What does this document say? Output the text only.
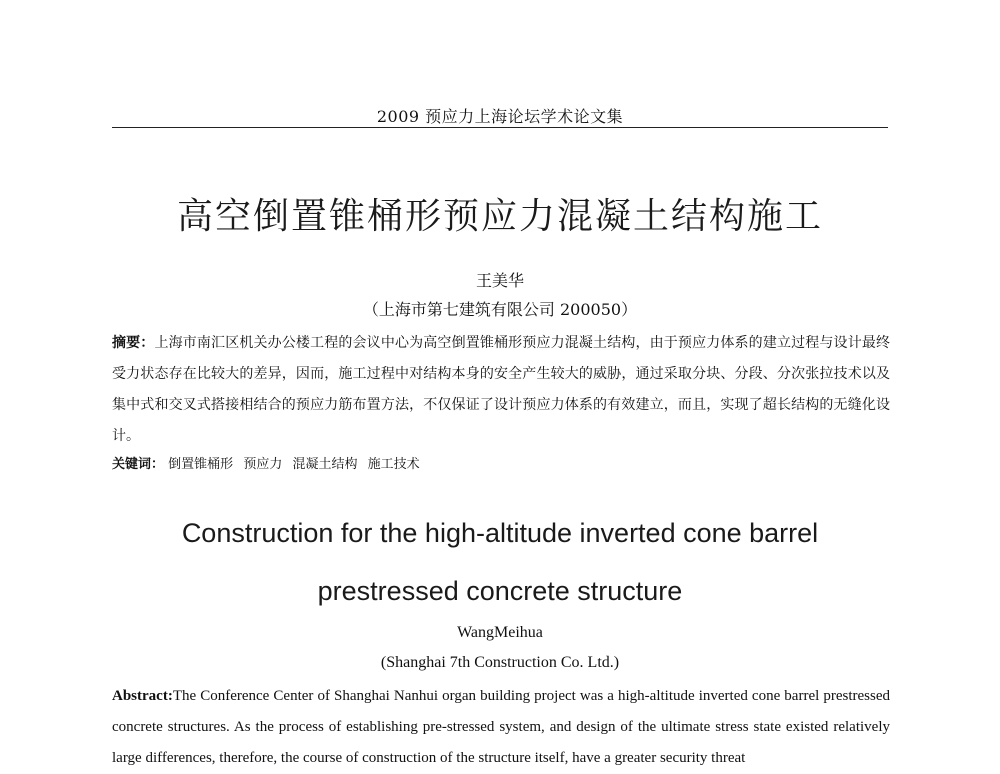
2009 预应力上海论坛学术论文集
高空倒置锥桶形预应力混凝土结构施工
王美华
（上海市第七建筑有限公司 200050）
摘要：上海市南汇区机关办公楼工程的会议中心为高空倒置锥桶形预应力混凝土结构，由于预应力体系的建立过程与设计最终受力状态存在比较大的差异，因而，施工过程中对结构本身的安全产生较大的威胁，通过采取分块、分段、分次张拉技术以及集中式和交叉式搭接相结合的预应力筋布置方法，不仅保证了设计预应力体系的有效建立，而且，实现了超长结构的无缝化设计。
关键词： 倒置锥桶形 预应力 混凝土结构 施工技术
Construction for the high-altitude inverted cone barrel
prestressed concrete structure
WangMeihua
(Shanghai 7th Construction Co. Ltd.)
Abstract:The Conference Center of Shanghai Nanhui organ building project was a high-altitude inverted cone barrel prestressed concrete structures. As the process of establishing pre-stressed system, and design of the ultimate stress state existed relatively large differences, therefore, the course of construction of the structure itself, have a greater security threat
